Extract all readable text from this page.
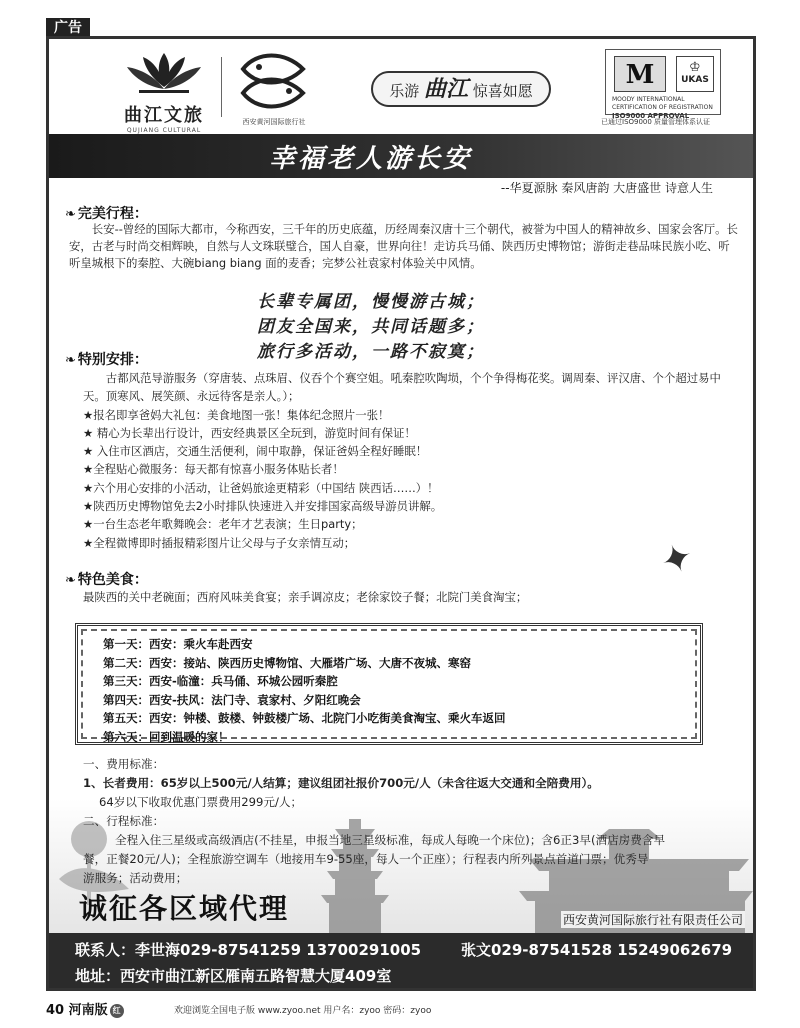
广告
曲江文旅
QUJIANG CULTURAL
西安黄河国际旅行社
乐游 曲江 惊喜如愿
M	♔
UKAS
MOODY INTERNATIONAL
CERTIFICATION OF REGISTRATION
ISO9000 APPROVAL
已通过ISO9000 质量管理体系认证
幸福老人游长安
--华夏源脉 秦风唐韵 大唐盛世 诗意人生
❧ 完美行程：
长安--曾经的国际大都市，今称西安，三千年的历史底蕴，历经周秦汉唐十三个朝代，被誉为中国人的精神故乡、国家会客厅。长安，古老与时尚交相辉映，自然与人文珠联璧合，国人自豪，世界向往！走访兵马俑、陕西历史博物馆；游街走巷品味民族小吃、听听皇城根下的秦腔、大碗biang biang 面的麦香；完梦公社袁家村体验关中风情。
长辈专属团，慢慢游古城；
团友全国来，共同话题多；
旅行多活动，一路不寂寞；
❧ 特别安排：
古都风范导游服务（穿唐装、点珠眉、仪吞个个赛空姐。吼秦腔吹陶埙，个个争得梅花奖。调周秦、评汉唐、个个超过易中天。顶寒风、展笑颜、永远待客是亲人。）；
★报名即享爸妈大礼包：美食地图一张！集体纪念照片一张！
★ 精心为长辈出行设计，西安经典景区全玩到，游览时间有保证！
★ 入住市区酒店，交通生活便利，闹中取静，保证爸妈全程好睡眠！
★全程贴心微服务：每天都有惊喜小服务体贴长者！
★六个用心安排的小活动，让爸妈旅途更精彩（中国结 陕西话……）！
★陕西历史博物馆免去2小时排队快速进入并安排国家高级导游员讲解。
★一台生态老年歌舞晚会：老年才艺表演；生日party；
★全程微博即时插报精彩图片让父母与子女亲情互动；	✦
❧ 特色美食：
最陕西的关中老碗面；西府风味美食宴；亲手调凉皮；老徐家饺子餐；北院门美食淘宝；
第一天：西安：乘火车赴西安
第二天：西安：接站、陕西历史博物馆、大雁塔广场、大唐不夜城、寒窑
第三天：西安-临潼：兵马俑、环城公园听秦腔
第四天：西安-扶风：法门寺、袁家村、夕阳红晚会
第五天：西安：钟楼、鼓楼、钟鼓楼广场、北院门小吃街美食淘宝、乘火车返回
第六天：回到温暖的家！
一、费用标准：
1、长者费用：65岁以上500元/人结算；建议组团社报价700元/人（未含往返大交通和全陪费用）。
64岁以下收取优惠门票费用299元/人；
二、行程标准：
全程入住三星级或高级酒店(不挂星，申报当地三星级标准，每成人每晚一个床位)；含6正3早(酒店房费含早
餐，正餐20元/人)；全程旅游空调车（地接用车9-55座，每人一个正座）；行程表内所列景点首道门票；优秀导
游服务；活动费用；
诚征各区域代理	西安黄河国际旅行社有限责任公司
联系人：李世海029-87541259 13700291005	张文029-87541528 15249062679
地址：西安市曲江新区雁南五路智慧大厦409室
40 河南版 红	欢迎浏览全国电子版 www.zyoo.net 用户名：zyoo 密码：zyoo
